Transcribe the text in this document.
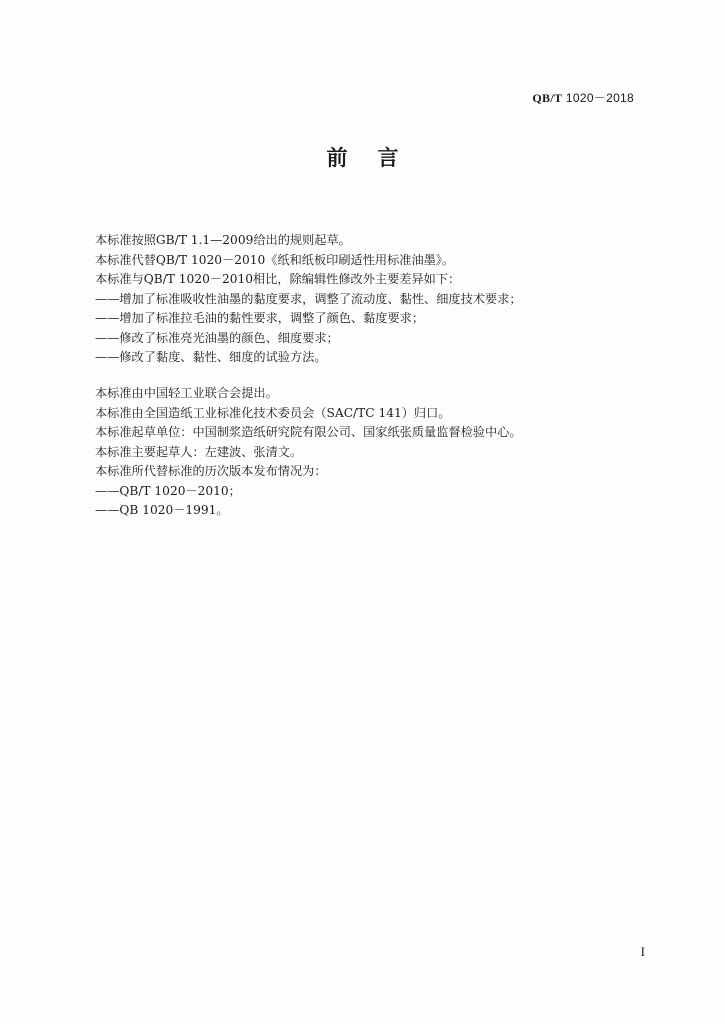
QB/T 1020－2018
前 言
本标准按照GB/T 1.1—2009给出的规则起草。
本标准代替QB/T 1020－2010《纸和纸板印刷适性用标准油墨》。
本标准与QB/T 1020－2010相比，除编辑性修改外主要差异如下：
——增加了标准吸收性油墨的黏度要求，调整了流动度、黏性、细度技术要求；
——增加了标准拉毛油的黏性要求，调整了颜色、黏度要求；
——修改了标准亮光油墨的颜色、细度要求；
——修改了黏度、黏性、细度的试验方法。
本标准由中国轻工业联合会提出。
本标准由全国造纸工业标准化技术委员会（SAC/TC 141）归口。
本标准起草单位：中国制浆造纸研究院有限公司、国家纸张质量监督检验中心。
本标准主要起草人：左建波、张清文。
本标准所代替标准的历次版本发布情况为：
——QB/T 1020－2010；
——QB 1020－1991。
I
